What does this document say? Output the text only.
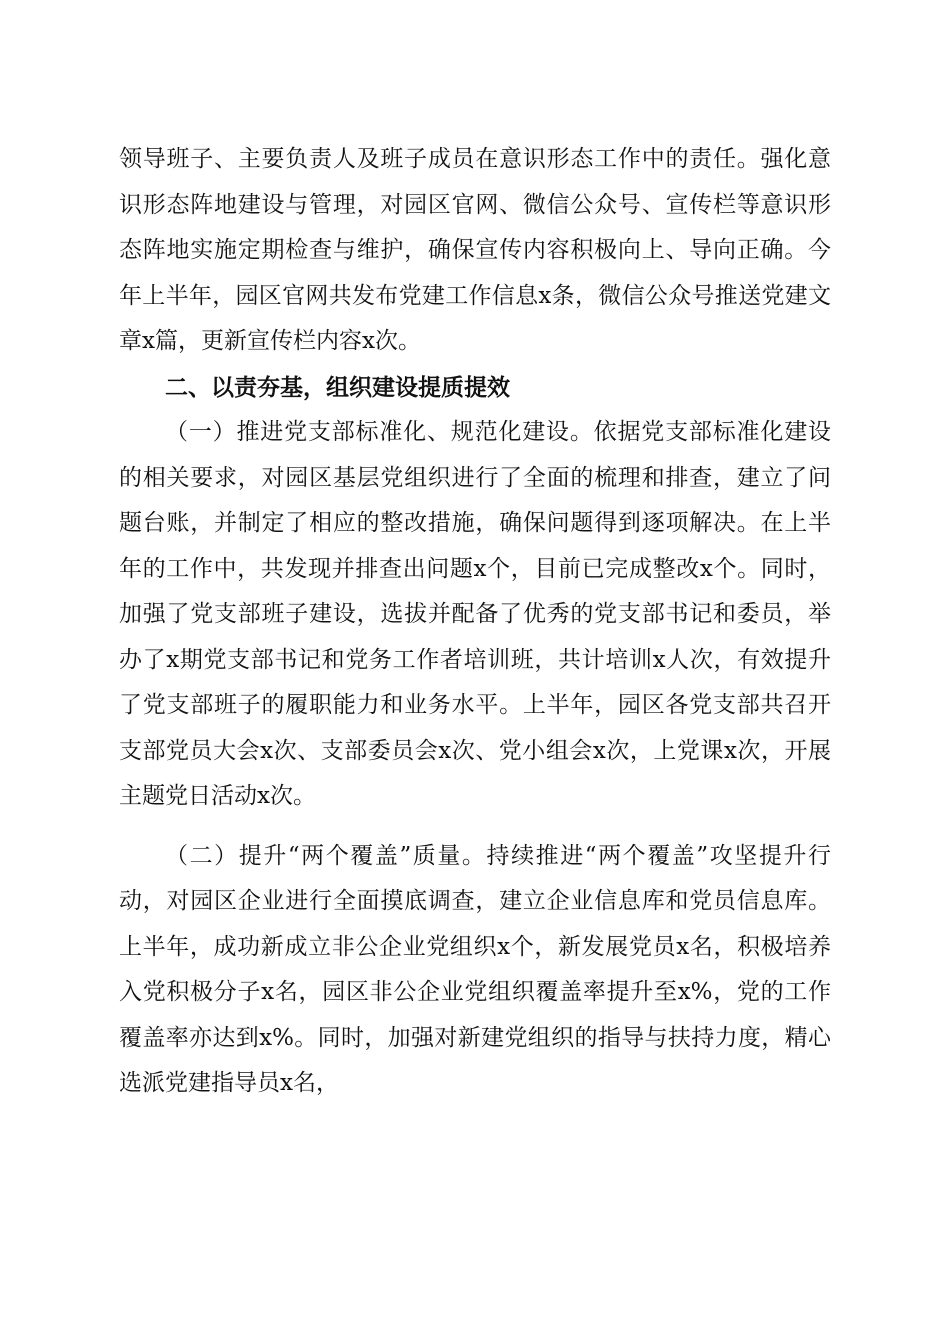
领导班子、主要负责人及班子成员在意识形态工作中的责任。强化意识形态阵地建设与管理，对园区官网、微信公众号、宣传栏等意识形态阵地实施定期检查与维护，确保宣传内容积极向上、导向正确。今年上半年，园区官网共发布党建工作信息x条，微信公众号推送党建文章x篇，更新宣传栏内容x次。

二、以责夯基，组织建设提质提效

（一）推进党支部标准化、规范化建设。依据党支部标准化建设的相关要求，对园区基层党组织进行了全面的梳理和排查，建立了问题台账，并制定了相应的整改措施，确保问题得到逐项解决。在上半年的工作中，共发现并排查出问题x个，目前已完成整改x个。同时，加强了党支部班子建设，选拔并配备了优秀的党支部书记和委员，举办了x期党支部书记和党务工作者培训班，共计培训x人次，有效提升了党支部班子的履职能力和业务水平。上半年，园区各党支部共召开支部党员大会x次、支部委员会x次、党小组会x次，上党课x次，开展主题党日活动x次。

（二）提升“两个覆盖”质量。持续推进“两个覆盖”攻坚提升行动，对园区企业进行全面摸底调查，建立企业信息库和党员信息库。上半年，成功新成立非公企业党组织x个，新发展党员x名，积极培养入党积极分子x名，园区非公企业党组织覆盖率提升至x%，党的工作覆盖率亦达到x%。同时，加强对新建党组织的指导与扶持力度，精心选派党建指导员x名，
